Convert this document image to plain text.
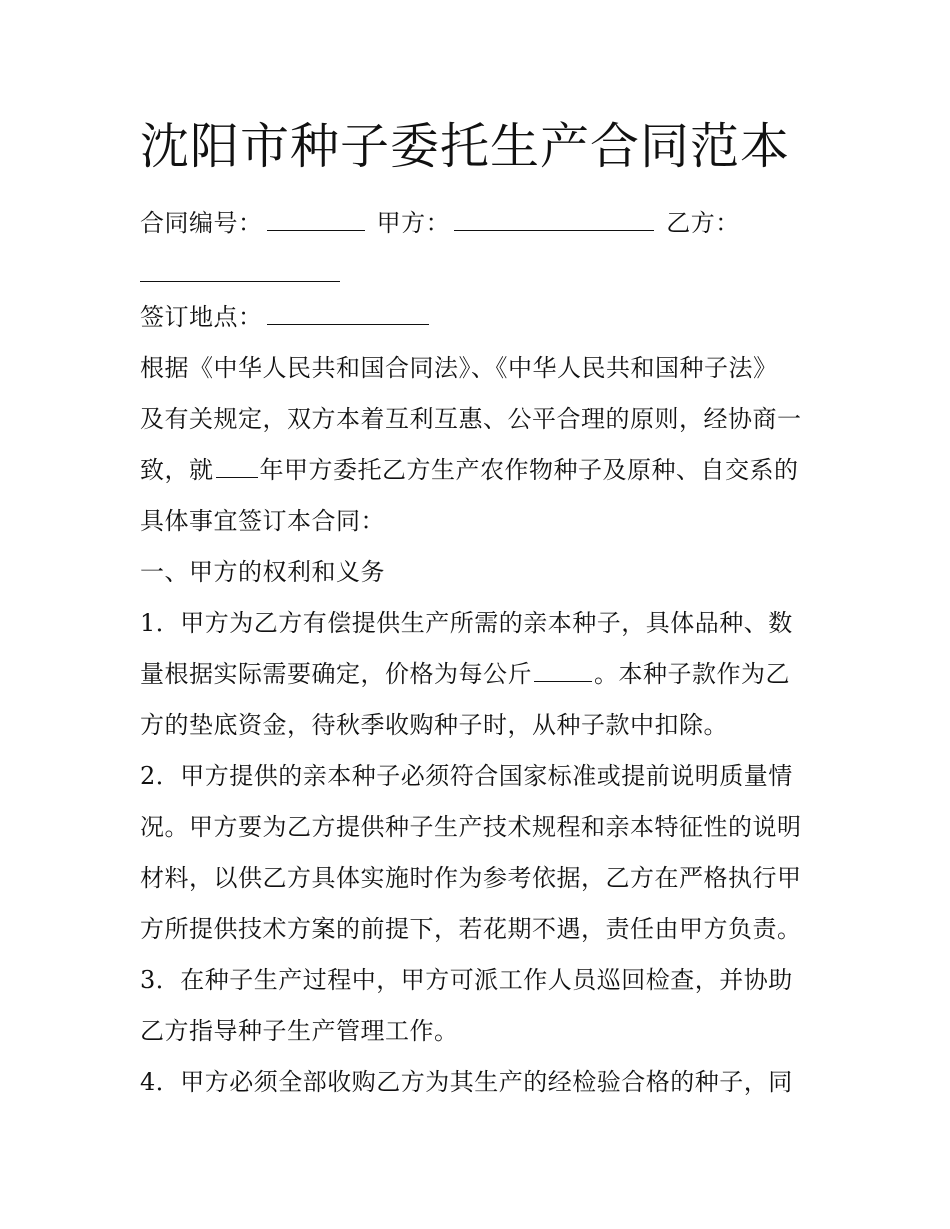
沈阳市种子委托生产合同范本
合同编号：	甲方：	乙方：
签订地点：
根据《中华人民共和国合同法》、《中华人民共和国种子法》
及有关规定，双方本着互利互惠、公平合理的原则，经协商一
致，就 年甲方委托乙方生产农作物种子及原种、自交系的
具体事宜签订本合同：
一、甲方的权利和义务
1．甲方为乙方有偿提供生产所需的亲本种子，具体品种、数
量根据实际需要确定，价格为每公斤	。本种子款作为乙
方的垫底资金，待秋季收购种子时，从种子款中扣除。
2．甲方提供的亲本种子必须符合国家标准或提前说明质量情
况。甲方要为乙方提供种子生产技术规程和亲本特征性的说明
材料，以供乙方具体实施时作为参考依据，乙方在严格执行甲
方所提供技术方案的前提下，若花期不遇，责任由甲方负责。
3．在种子生产过程中，甲方可派工作人员巡回检查，并协助
乙方指导种子生产管理工作。
4．甲方必须全部收购乙方为其生产的经检验合格的种子，同
